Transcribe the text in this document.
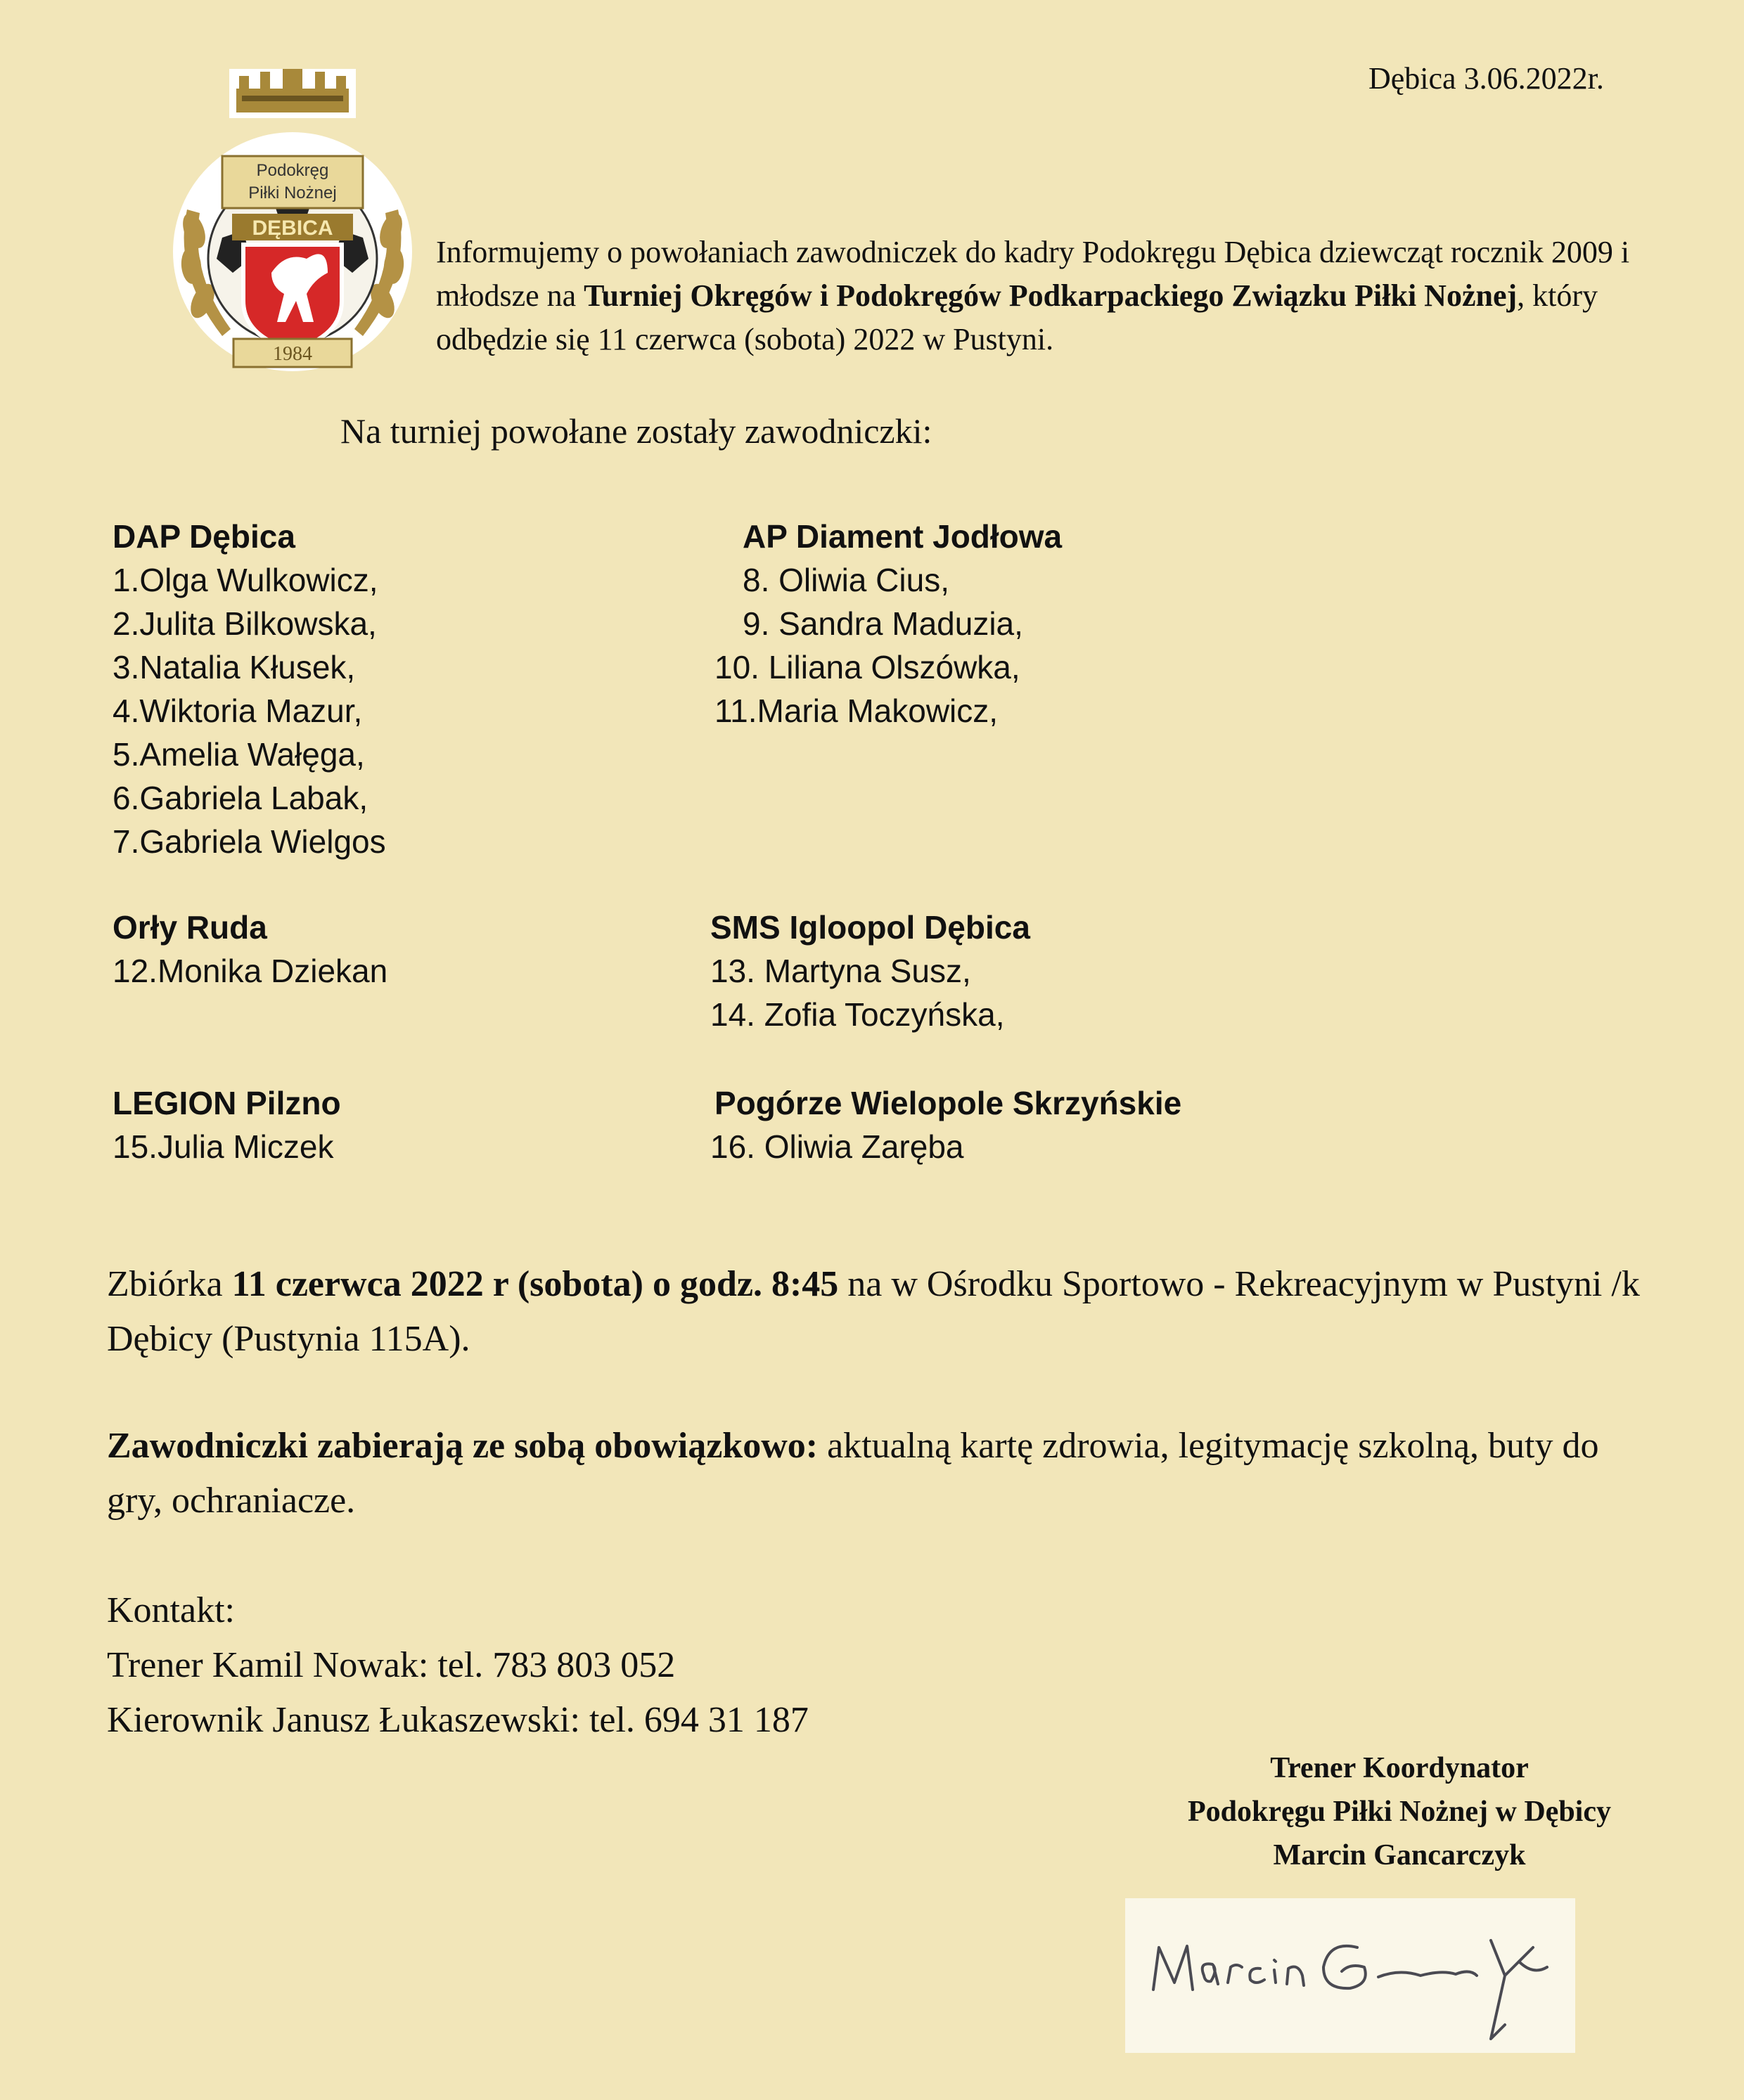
Dębica 3.06.2022r.
Podokręg
Piłki Nożnej
DĘBICA
1984
Informujemy o powołaniach zawodniczek do kadry Podokręgu Dębica dziewcząt rocznik 2009 i młodsze na Turniej Okręgów i Podokręgów Podkarpackiego Związku Piłki Nożnej, który odbędzie się 11 czerwca (sobota) 2022 w Pustyni.
Na turniej powołane zostały zawodniczki:
DAP Dębica
1.Olga Wulkowicz,
2.Julita Bilkowska,
3.Natalia Kłusek,
4.Wiktoria Mazur,
5.Amelia Wałęga,
6.Gabriela Labak,
7.Gabriela Wielgos
AP Diament Jodłowa
8. Oliwia Cius,
9. Sandra Maduzia,
10. Liliana Olszówka,
11.Maria Makowicz,
Orły Ruda
12.Monika Dziekan
SMS Igloopol Dębica
13. Martyna Susz,
14. Zofia Toczyńska,
LEGION Pilzno
15.Julia Miczek
Pogórze Wielopole Skrzyńskie
16. Oliwia Zaręba
Zbiórka 11 czerwca 2022 r (sobota) o godz. 8:45 na w Ośrodku Sportowo - Rekreacyjnym w Pustyni /k Dębicy (Pustynia 115A).
Zawodniczki zabierają ze sobą obowiązkowo: aktualną kartę zdrowia, legitymację szkolną, buty do gry, ochraniacze.
Kontakt:
Trener Kamil Nowak: tel. 783 803 052
Kierownik Janusz Łukaszewski: tel. 694 31 187
Trener Koordynator
Podokręgu Piłki Nożnej w Dębicy
Marcin Gancarczyk
